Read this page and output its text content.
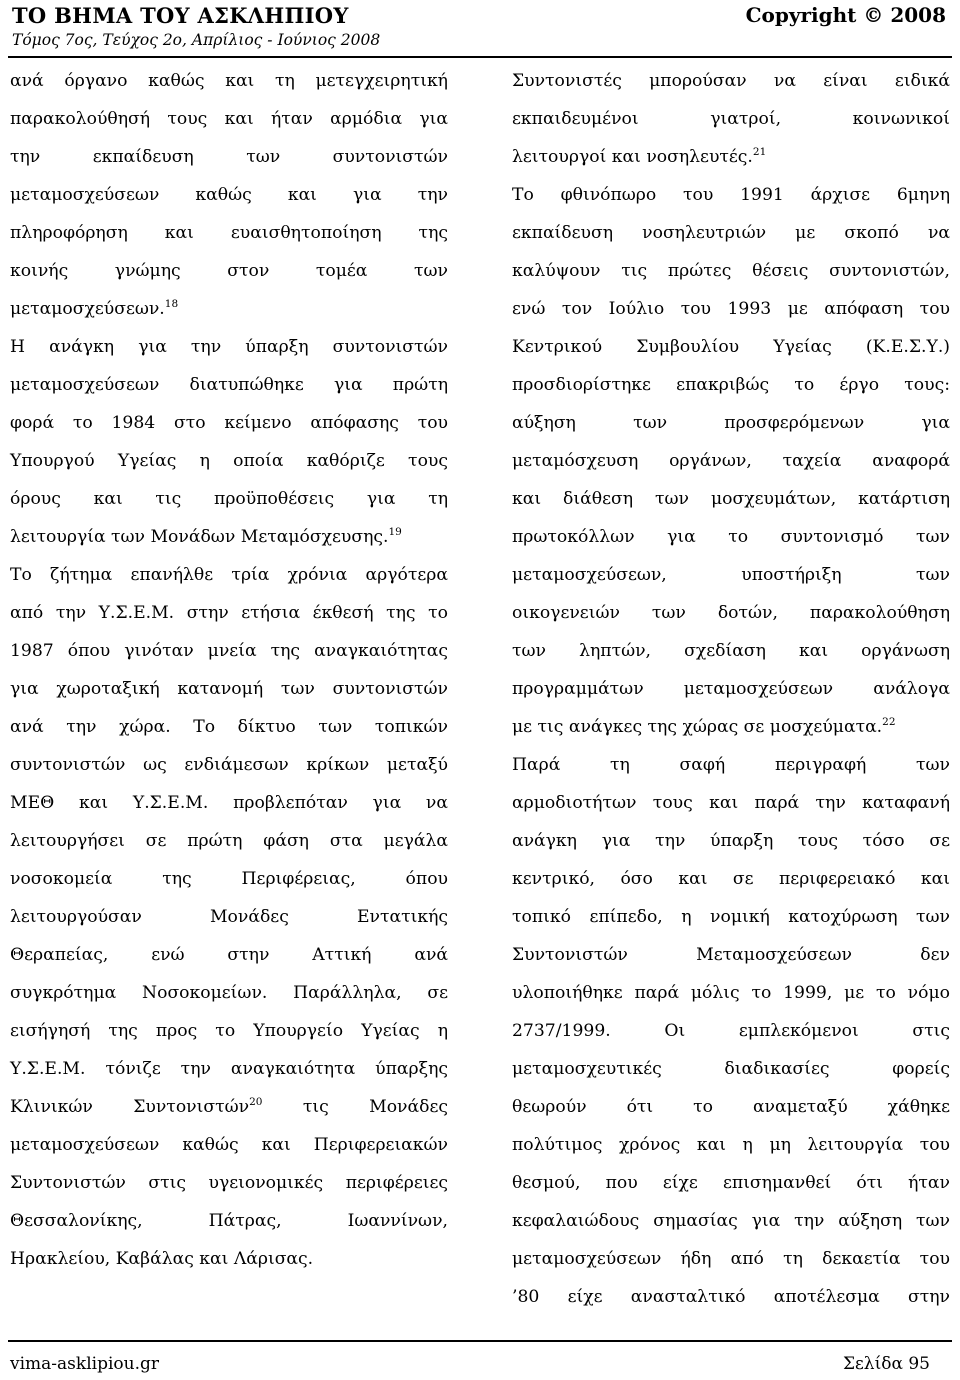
ΤΟ ΒΗΜΑ ΤΟΥ ΑΣΚΛΗΠΙΟΥ
Τόμος 7ος, Τεύχος 2ο, Απρίλιος - Ιούνιος 2008
Copyright © 2008
ανά όργανο καθώς και τη μετεγχειρητική
παρακολούθησή τους και ήταν αρμόδια για
την εκπαίδευση των συντονιστών
μεταμοσχεύσεων καθώς και για την
πληροφόρηση και ευαισθητοποίηση της
κοινής γνώμης στον τομέα των
μεταμοσχεύσεων.$^{18}$
Η ανάγκη για την ύπαρξη συντονιστών
μεταμοσχεύσεων διατυπώθηκε για πρώτη
φορά το 1984 στο κείμενο απόφασης του
Υπουργού Υγείας η οποία καθόριζε τους
όρους και τις προϋποθέσεις για τη
λειτουργία των Μονάδων Μεταμόσχευσης.$^{19}$
Το ζήτημα επανήλθε τρία χρόνια αργότερα
από την Υ.Σ.Ε.Μ. στην ετήσια έκθεσή της το
1987 όπου γινόταν μνεία της αναγκαιότητας
για χωροταξική κατανομή των συντονιστών
ανά την χώρα. Το δίκτυο των τοπικών
συντονιστών ως ενδιάμεσων κρίκων μεταξύ
ΜΕΘ και Υ.Σ.Ε.Μ. προβλεπόταν για να
λειτουργήσει σε πρώτη φάση στα μεγάλα
νοσοκομεία της Περιφέρειας, όπου
λειτουργούσαν Μονάδες Εντατικής
Θεραπείας, ενώ στην Αττική ανά
συγκρότημα Νοσοκομείων. Παράλληλα, σε
εισήγησή της προς το Υπουργείο Υγείας η
Υ.Σ.Ε.Μ. τόνιζε την αναγκαιότητα ύπαρξης
Κλινικών Συντονιστών$^{20}$ τις Μονάδες
μεταμοσχεύσεων καθώς και Περιφερειακών
Συντονιστών στις υγειονομικές περιφέρειες
Θεσσαλονίκης, Πάτρας, Ιωαννίνων,
Ηρακλείου, Καβάλας και Λάρισας.
Συντονιστές μπορούσαν να είναι ειδικά
εκπαιδευμένοι γιατροί, κοινωνικοί
λειτουργοί και νοσηλευτές.$^{21}$
Το φθινόπωρο του 1991 άρχισε 6μηνη
εκπαίδευση νοσηλευτριών με σκοπό να
καλύψουν τις πρώτες θέσεις συντονιστών,
ενώ τον Ιούλιο του 1993 με απόφαση του
Κεντρικού Συμβουλίου Υγείας (Κ.Ε.Σ.Υ.)
προσδιορίστηκε επακριβώς το έργο τους:
αύξηση των προσφερόμενων για
μεταμόσχευση οργάνων, ταχεία αναφορά
και διάθεση των μοσχευμάτων, κατάρτιση
πρωτοκόλλων για το συντονισμό των
μεταμοσχεύσεων, υποστήριξη των
οικογενειών των δοτών, παρακολούθηση
των ληπτών, σχεδίαση και οργάνωση
προγραμμάτων μεταμοσχεύσεων ανάλογα
με τις ανάγκες της χώρας σε μοσχεύματα.$^{22}$
Παρά τη σαφή περιγραφή των
αρμοδιοτήτων τους και παρά την καταφανή
ανάγκη για την ύπαρξη τους τόσο σε
κεντρικό, όσο και σε περιφερειακό και
τοπικό επίπεδο, η νομική κατοχύρωση των
Συντονιστών Μεταμοσχεύσεων δεν
υλοποιήθηκε παρά μόλις το 1999, με το νόμο
2737/1999. Οι εμπλεκόμενοι στις
μεταμοσχευτικές διαδικασίες φορείς
θεωρούν ότι το αναμεταξύ χάθηκε
πολύτιμος χρόνος και η μη λειτουργία του
θεσμού, που είχε επισημανθεί ότι ήταν
κεφαλαιώδους σημασίας για την αύξηση των
μεταμοσχεύσεων ήδη από τη δεκαετία του
’80 είχε ανασταλτικό αποτέλεσμα στην
vima-asklipiou.gr	Σελίδα 95
